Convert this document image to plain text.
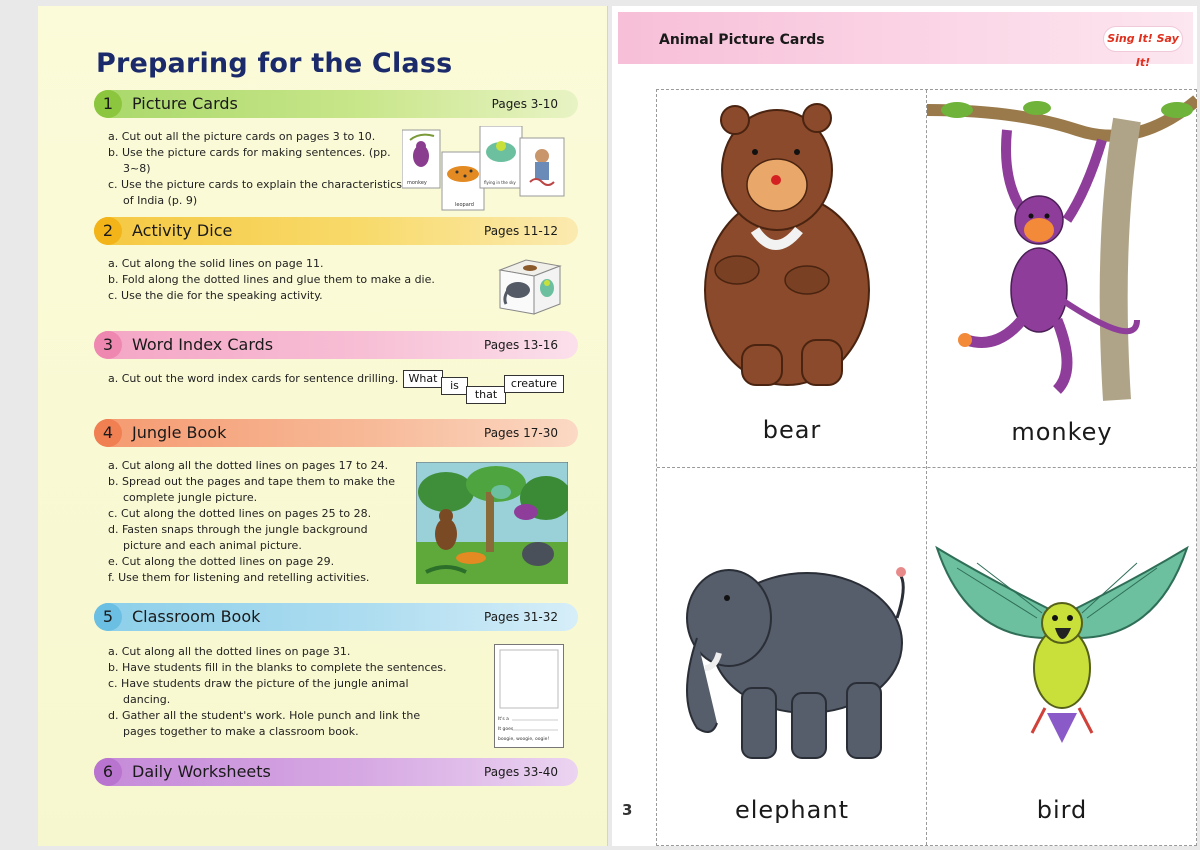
Preparing for the Class
1	Picture Cards	Pages 3-10
a. Cut out all the picture cards on pages 3 to 10.
b. Use the picture cards for making sentences. (pp. 3~8)
c. Use the picture cards to explain the characteristics of India (p. 9)
monkey
leopard
flying in the sky
2	Activity Dice	Pages 11-12
a. Cut along the solid lines on page 11.
b. Fold along the dotted lines and glue them to make a die.
c. Use the die for the speaking activity.
3	Word Index Cards	Pages 13-16
a. Cut out the word index cards for sentence drilling. What
is
that
creature
4	Jungle Book	Pages 17-30
a. Cut along all the dotted lines on pages 17 to 24.
b. Spread out the pages and tape them to make the complete jungle picture.
c. Cut along the dotted lines on pages 25 to 28.
d. Fasten snaps through the jungle background picture and each animal picture.
e. Cut along the dotted lines on page 29.
f. Use them for listening and retelling activities.
5	Classroom Book	Pages 31-32
a. Cut along all the dotted lines on page 31.
b. Have students fill in the blanks to complete the sentences.
c. Have students draw the picture of the jungle animal dancing.
d. Gather all the student's work. Hole punch and link the pages together to make a classroom book.
It's a
It goes
boogie, woogie, oogie!
6	Daily Worksheets	Pages 33-40
Animal Picture Cards	Sing It! Say It!
3
bear	monkey
elephant	bird
